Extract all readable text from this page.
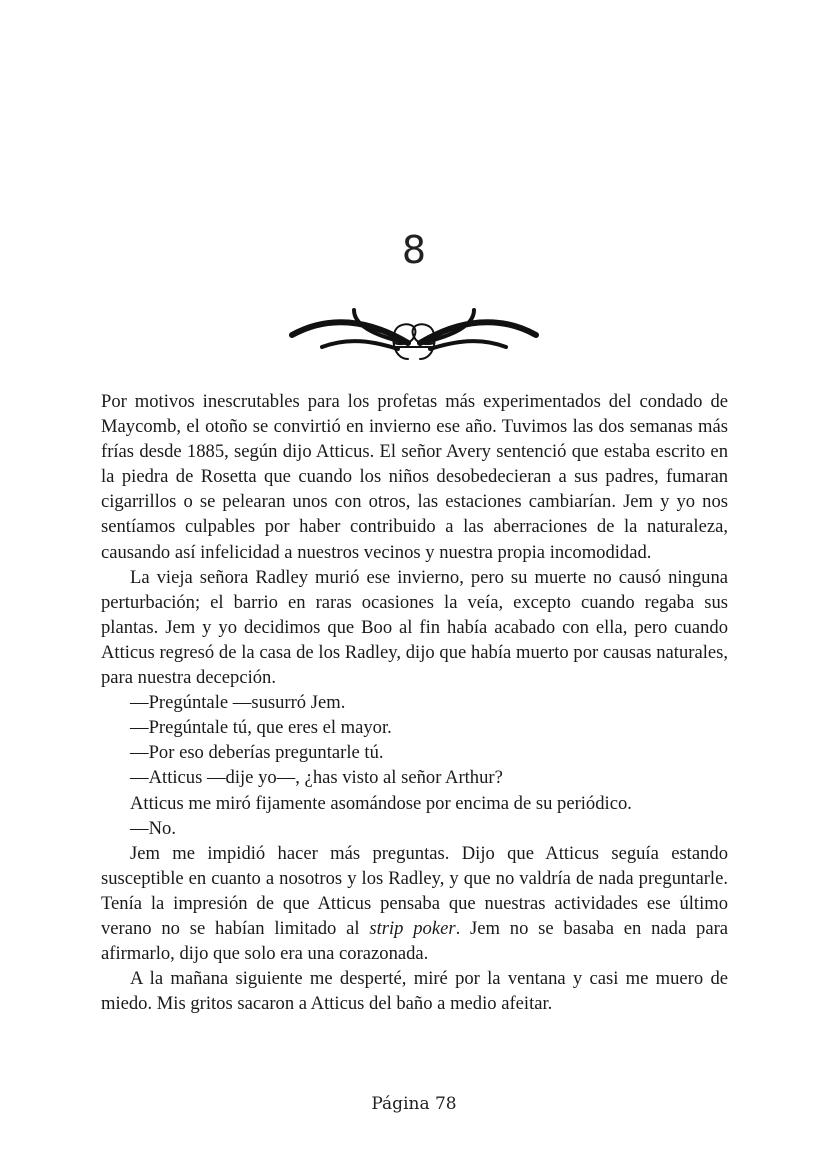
8

Por motivos inescrutables para los profetas más experimentados del condado de Maycomb, el otoño se convirtió en invierno ese año. Tuvimos las dos semanas más frías desde 1885, según dijo Atticus. El señor Avery sentenció que estaba escrito en la piedra de Rosetta que cuando los niños desobedecieran a sus padres, fumaran cigarrillos o se pelearan unos con otros, las estaciones cambiarían. Jem y yo nos sentíamos culpables por haber contribuido a las aberraciones de la naturaleza, causando así infelicidad a nuestros vecinos y nuestra propia incomodidad.

La vieja señora Radley murió ese invierno, pero su muerte no causó ninguna perturbación; el barrio en raras ocasiones la veía, excepto cuando regaba sus plantas. Jem y yo decidimos que Boo al fin había acabado con ella, pero cuando Atticus regresó de la casa de los Radley, dijo que había muerto por causas naturales, para nuestra decepción.

—Pregúntale —susurró Jem.

—Pregúntale tú, que eres el mayor.

—Por eso deberías preguntarle tú.

—Atticus —dije yo—, ¿has visto al señor Arthur?

Atticus me miró fijamente asomándose por encima de su periódico.

—No.

Jem me impidió hacer más preguntas. Dijo que Atticus seguía estando susceptible en cuanto a nosotros y los Radley, y que no valdría de nada preguntarle. Tenía la impresión de que Atticus pensaba que nuestras actividades ese último verano no se habían limitado al strip poker. Jem no se basaba en nada para afirmarlo, dijo que solo era una corazonada.

A la mañana siguiente me desperté, miré por la ventana y casi me muero de miedo. Mis gritos sacaron a Atticus del baño a medio afeitar.

Página 78
